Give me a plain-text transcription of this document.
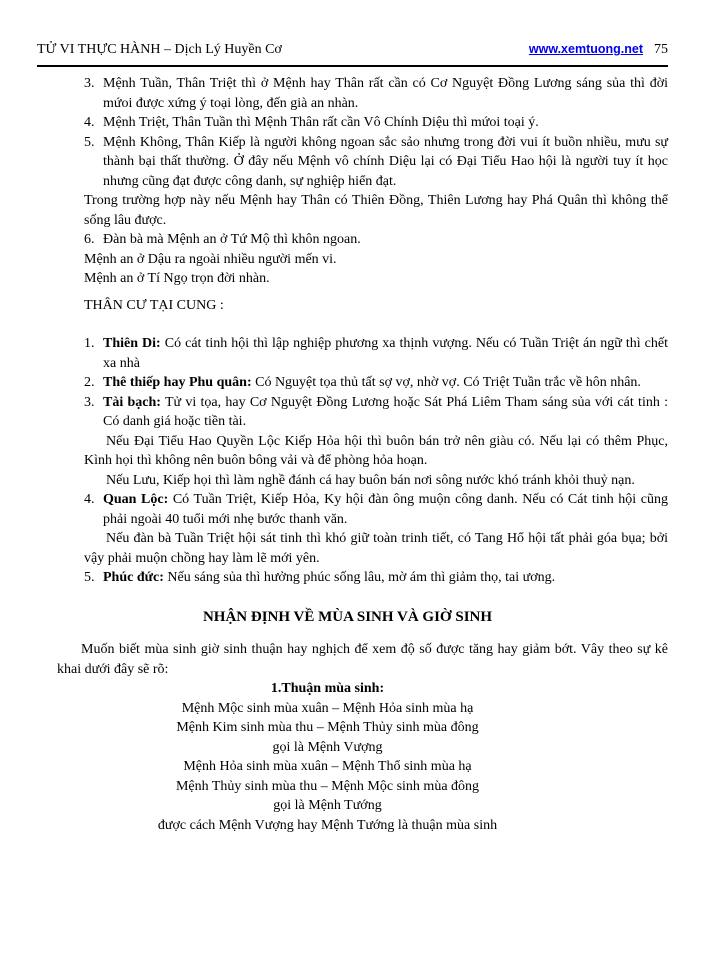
TỬ VI THỰC HÀNH – Dịch Lý Huyền Cơ	www.xemtuong.net 75
3. Mệnh Tuần, Thân Triệt thì ở Mệnh hay Thân rất cần có Cơ Nguyệt Đồng Lương sáng sủa thì đời mứoi được xứng ý toại lòng, đến già an nhàn.
4. Mệnh Triệt, Thân Tuần thì Mệnh Thân rất cần Vô Chính Diệu thì mứoi toại ý.
5. Mệnh Không, Thân Kiếp là người không ngoan sắc sảo nhưng trong đời vui ít buồn nhiều, mưu sự thành bại thất thường. Ở đây nếu Mệnh vô chính Diệu lại có Đại Tiểu Hao hội là người tuy ít học nhưng cũng đạt được công danh, sự nghiệp hiển đạt.

Trong trường hợp này nếu Mệnh hay Thân có Thiên Đồng, Thiên Lương hay Phá Quân thì không thể sống lâu được.

6. Đàn bà mà Mệnh an ở Tứ Mộ thì khôn ngoan.

Mệnh an ở Dậu ra ngoài nhiều người mến vi.

Mệnh an ở Tí Ngọ trọn đời nhàn.

THÂN CƯ TẠI CUNG :

1. Thiên Di: Có cát tinh hội thì lập nghiệp phương xa thịnh vượng. Nếu có Tuần Triệt án ngữ thì chết xa nhà
2. Thê thiếp hay Phu quân: Có Nguyệt tọa thủ tất sợ vợ, nhờ vợ. Có Triệt Tuần trắc về hôn nhân.
3. Tài bạch: Tử vi tọa, hay Cơ Nguyệt Đồng Lương hoặc Sát Phá Liêm Tham sáng sủa với cát tinh : Có danh giá hoặc tiền tài.

Nếu Đại Tiểu Hao Quyền Lộc Kiếp Hỏa hội thì buôn bán trở nên giàu có. Nếu lại có thêm Phục, Kình họi thì không nên buôn bông vải và để phòng hỏa hoạn.

Nếu Lưu, Kiếp họi thì làm nghề đánh cá hay buôn bán nơi sông nước khó tránh khỏi thuỷ nạn.

4. Quan Lộc: Có Tuần Triệt, Kiếp Hỏa, Ky hội đàn ông muộn công danh. Nếu có Cát tinh hội cũng phải ngoài 40 tuổi mới nhẹ bước thanh văn.

Nếu đàn bà Tuần Triệt hội sát tinh thì khó giữ toàn trinh tiết, có Tang Hổ hội tất phải góa bụa; bởi vậy phải muộn chồng hay làm lẽ mới yên.

5. Phúc đức: Nếu sáng sủa thì hưởng phúc sống lâu, mờ ám thì giảm thọ, tai ương.
NHẬN ĐỊNH VỀ MÙA SINH VÀ GIỜ SINH

Muốn biết mùa sinh giờ sinh thuận hay nghịch để xem độ số được tăng hay giảm bớt. Vây theo sự kê khai dưới đây sẽ rõ:

1.Thuận mùa sinh:

Mệnh Mộc sinh mùa xuân – Mệnh Hỏa sinh mùa hạ

Mệnh Kim sinh mùa thu – Mệnh Thủy sinh mùa đông

gọi là Mệnh Vượng

Mệnh Hỏa sinh mùa xuân – Mệnh Thổ sinh mùa hạ

Mệnh Thủy sinh mùa thu – Mệnh Mộc sinh mùa đông

gọi là Mệnh Tướng

được cách Mệnh Vượng hay Mệnh Tướng là thuận mùa sinh
